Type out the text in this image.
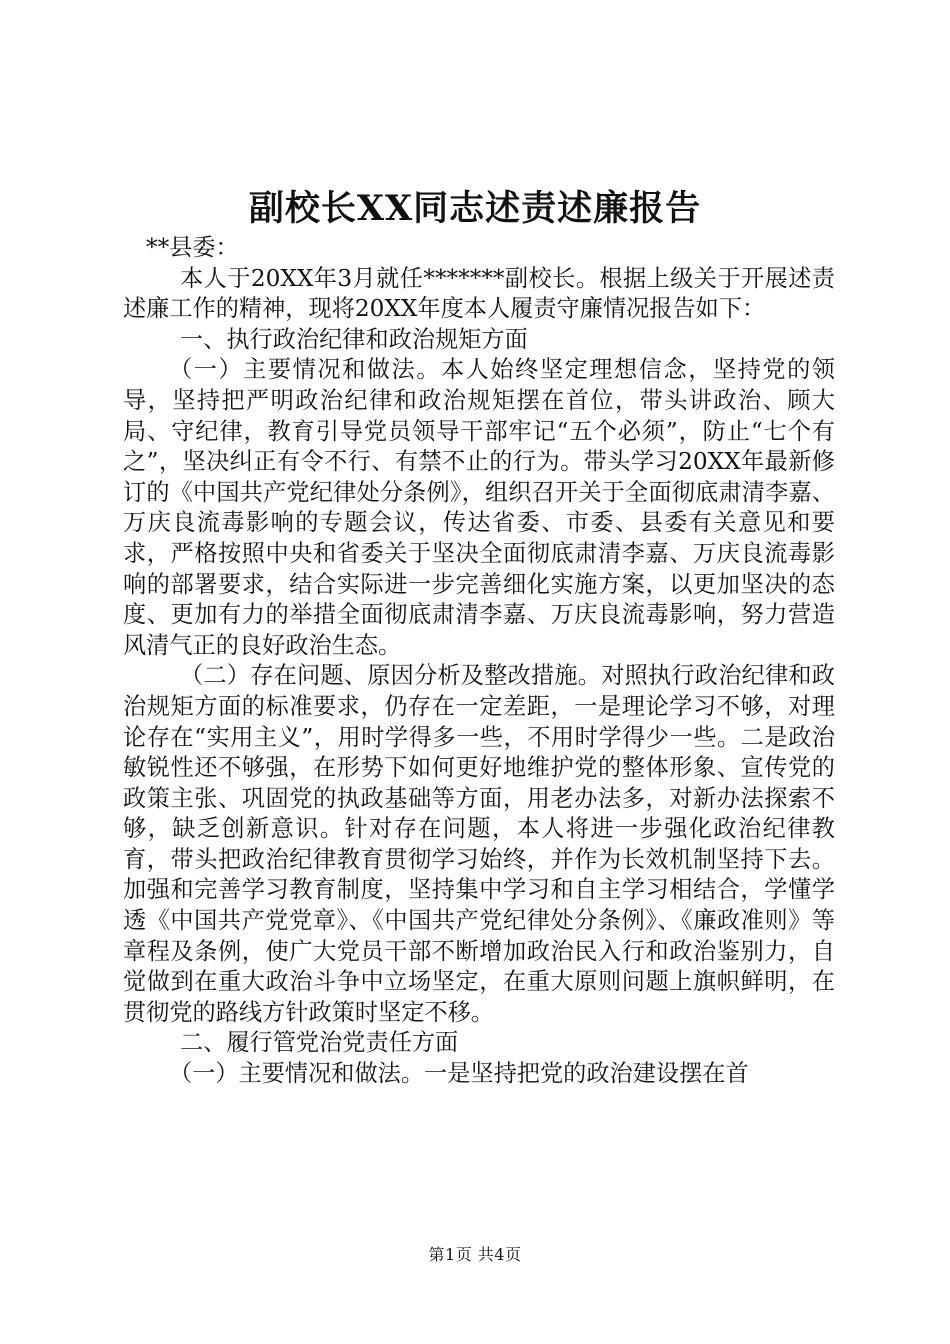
副校长XX同志述责述廉报告

**县委：

本人于20XX年3月就任*******副校长。根据上级关于开展述责述廉工作的精神，现将20XX年度本人履责守廉情况报告如下：

一、执行政治纪律和政治规矩方面

（一）主要情况和做法。本人始终坚定理想信念，坚持党的领导，坚持把严明政治纪律和政治规矩摆在首位，带头讲政治、顾大局、守纪律，教育引导党员领导干部牢记“五个必须”，防止“七个有之”，坚决纠正有令不行、有禁不止的行为。带头学习20XX年最新修订的《中国共产党纪律处分条例》，组织召开关于全面彻底肃清李嘉、万庆良流毒影响的专题会议，传达省委、市委、县委有关意见和要求，严格按照中央和省委关于坚决全面彻底肃清李嘉、万庆良流毒影响的部署要求，结合实际进一步完善细化实施方案，以更加坚决的态度、更加有力的举措全面彻底肃清李嘉、万庆良流毒影响，努力营造风清气正的良好政治生态。

（二）存在问题、原因分析及整改措施。对照执行政治纪律和政治规矩方面的标准要求，仍存在一定差距，一是理论学习不够，对理论存在“实用主义”，用时学得多一些，不用时学得少一些。二是政治敏锐性还不够强，在形势下如何更好地维护党的整体形象、宣传党的政策主张、巩固党的执政基础等方面，用老办法多，对新办法探索不够，缺乏创新意识。针对存在问题，本人将进一步强化政治纪律教育，带头把政治纪律教育贯彻学习始终，并作为长效机制坚持下去。加强和完善学习教育制度，坚持集中学习和自主学习相结合，学懂学透《中国共产党党章》、《中国共产党纪律处分条例》、《廉政准则》等章程及条例，使广大党员干部不断增加政治民入行和政治鉴别力，自觉做到在重大政治斗争中立场坚定，在重大原则问题上旗帜鲜明，在贯彻党的路线方针政策时坚定不移。

二、履行管党治党责任方面

（一）主要情况和做法。一是坚持把党的政治建设摆在首

第1页 共4页
